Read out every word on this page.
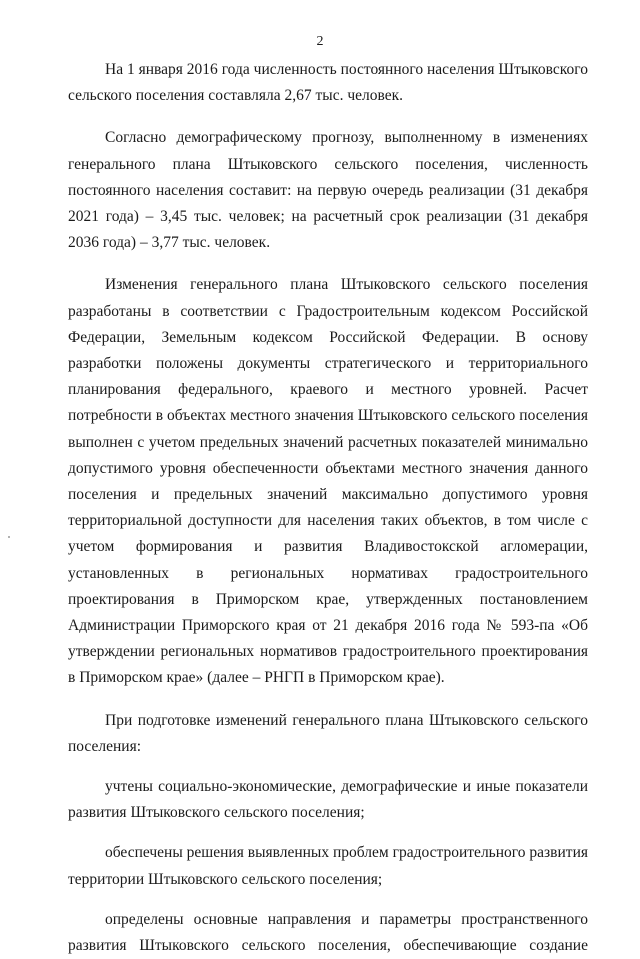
2

На 1 января 2016 года численность постоянного населения Штыковского сельского поселения составляла 2,67 тыс. человек.

Согласно демографическому прогнозу, выполненному в изменениях генерального плана Штыковского сельского поселения, численность постоянного населения составит: на первую очередь реализации (31 декабря 2021 года) – 3,45 тыс. человек; на расчетный срок реализации (31 декабря 2036 года) – 3,77 тыс. человек.

Изменения генерального плана Штыковского сельского поселения разработаны в соответствии с Градостроительным кодексом Российской Федерации, Земельным кодексом Российской Федерации. В основу разработки положены документы стратегического и территориального планирования федерального, краевого и местного уровней. Расчет потребности в объектах местного значения Штыковского сельского поселения выполнен с учетом предельных значений расчетных показателей минимально допустимого уровня обеспеченности объектами местного значения данного поселения и предельных значений максимально допустимого уровня территориальной доступности для населения таких объектов, в том числе с учетом формирования и развития Владивостокской агломерации, установленных в региональных нормативах градостроительного проектирования в Приморском крае, утвержденных постановлением Администрации Приморского края от 21 декабря 2016 года № 593-па «Об утверждении региональных нормативов градостроительного проектирования в Приморском крае» (далее – РНГП в Приморском крае).

При подготовке изменений генерального плана Штыковского сельского поселения:

учтены социально-экономические, демографические и иные показатели развития Штыковского сельского поселения;

обеспечены решения выявленных проблем градостроительного развития территории Штыковского сельского поселения;

определены основные направления и параметры пространственного развития Штыковского сельского поселения, обеспечивающие создание
